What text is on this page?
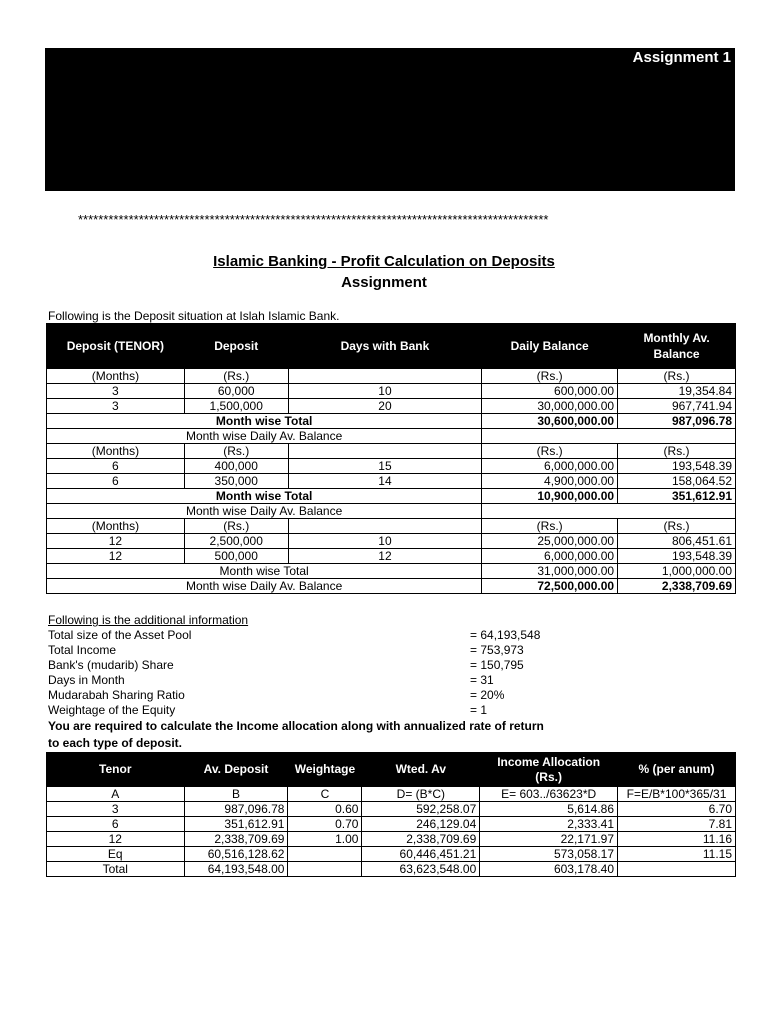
Assignment 1
*********************************************************************************************
Islamic Banking - Profit Calculation on Deposits
Assignment
Following is the Deposit situation at Islah Islamic Bank.
Deposit (TENOR)	Deposit	Days with Bank	Daily Balance	Monthly Av. Balance
(Months)	(Rs.)		(Rs.)	(Rs.)
3	60,000	10	600,000.00	19,354.84
3	1,500,000	20	30,000,000.00	967,741.94
Month wise Total			30,600,000.00	987,096.78
Month wise Daily Av. Balance				
(Months)	(Rs.)		(Rs.)	(Rs.)
6	400,000	15	6,000,000.00	193,548.39
6	350,000	14	4,900,000.00	158,064.52
Month wise Total			10,900,000.00	351,612.91
Month wise Daily Av. Balance				
(Months)	(Rs.)		(Rs.)	(Rs.)
12	2,500,000	10	25,000,000.00	806,451.61
12	500,000	12	6,000,000.00	193,548.39
Month wise Total			31,000,000.00	1,000,000.00
Month wise Daily Av. Balance			72,500,000.00	2,338,709.69
Following is the additional information
Total size of the Asset Pool	= 64,193,548
Total Income	= 753,973
Bank's (mudarib) Share	= 150,795
Days in Month	= 31
Mudarabah Sharing Ratio	= 20%
Weightage of the Equity	= 1
You are required to calculate the Income allocation along with annualized rate of return
to each type of deposit.
Tenor	Av. Deposit	Weightage	Wted. Av	Income Allocation (Rs.)	% (per anum)
A	B	C	D= (B*C)	E= 603../63623*D	F=E/B*100*365/31
3	987,096.78	0.60	592,258.07	5,614.86	6.70
6	351,612.91	0.70	246,129.04	2,333.41	7.81
12	2,338,709.69	1.00	2,338,709.69	22,171.97	11.16
Eq	60,516,128.62		60,446,451.21	573,058.17	11.15
Total	64,193,548.00		63,623,548.00	603,178.40	
